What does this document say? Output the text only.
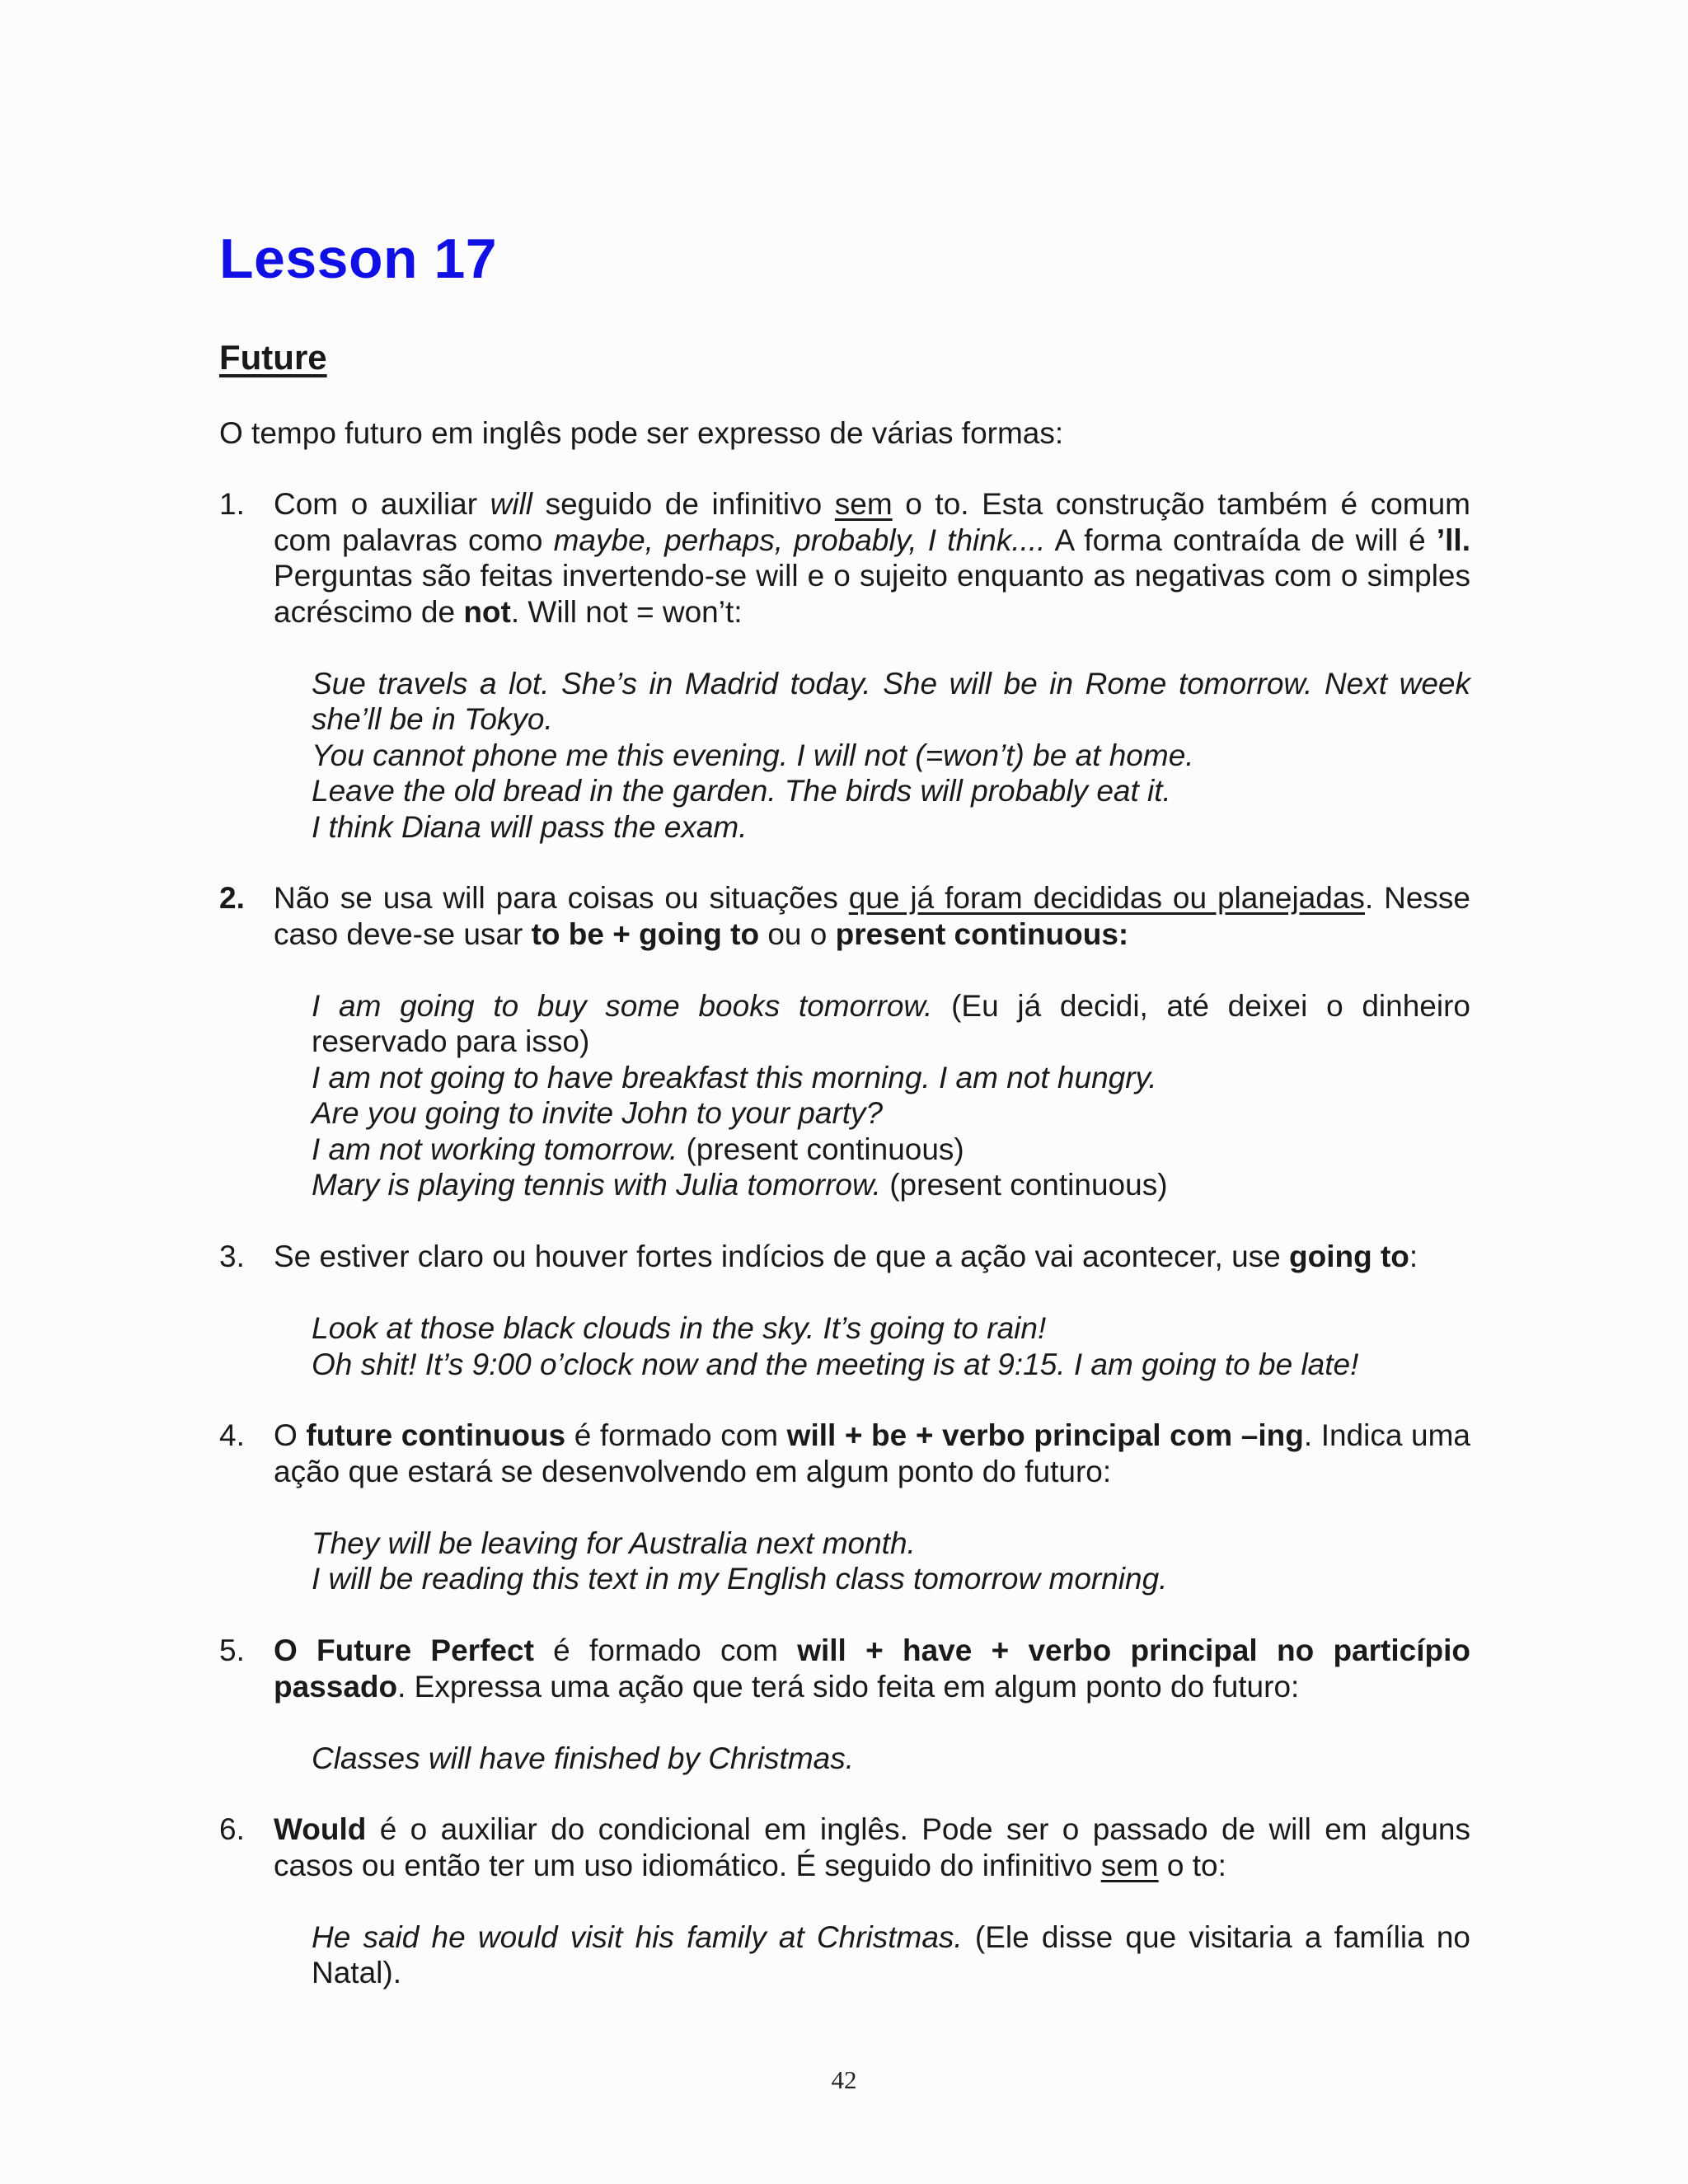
Lesson 17
Future
O tempo futuro em inglês pode ser expresso de várias formas:
1. Com o auxiliar will seguido de infinitivo sem o to. Esta construção também é comum com palavras como maybe, perhaps, probably, I think.... A forma contraída de will é ’ll. Perguntas são feitas invertendo-se will e o sujeito enquanto as negativas com o simples acréscimo de not. Will not = won’t:

Sue travels a lot. She’s in Madrid today. She will be in Rome tomorrow. Next week she’ll be in Tokyo.

You cannot phone me this evening. I will not (=won’t) be at home.

Leave the old bread in the garden. The birds will probably eat it.

I think Diana will pass the exam.

2. Não se usa will para coisas ou situações que já foram decididas ou planejadas. Nesse caso deve-se usar to be + going to ou o present continuous:

I am going to buy some books tomorrow. (Eu já decidi, até deixei o dinheiro reservado para isso)

I am not going to have breakfast this morning. I am not hungry.

Are you going to invite John to your party?

I am not working tomorrow. (present continuous)

Mary is playing tennis with Julia tomorrow. (present continuous)

3. Se estiver claro ou houver fortes indícios de que a ação vai acontecer, use going to:

Look at those black clouds in the sky. It’s going to rain!

Oh shit! It’s 9:00 o’clock now and the meeting is at 9:15. I am going to be late!

4. O future continuous é formado com will + be + verbo principal com –ing. Indica uma ação que estará se desenvolvendo em algum ponto do futuro:

They will be leaving for Australia next month.

I will be reading this text in my English class tomorrow morning.

5. O Future Perfect é formado com will + have + verbo principal no particípio passado. Expressa uma ação que terá sido feita em algum ponto do futuro:

Classes will have finished by Christmas.

6. Would é o auxiliar do condicional em inglês. Pode ser o passado de will em alguns casos ou então ter um uso idiomático. É seguido do infinitivo sem o to:

He said he would visit his family at Christmas. (Ele disse que visitaria a família no Natal).

42
